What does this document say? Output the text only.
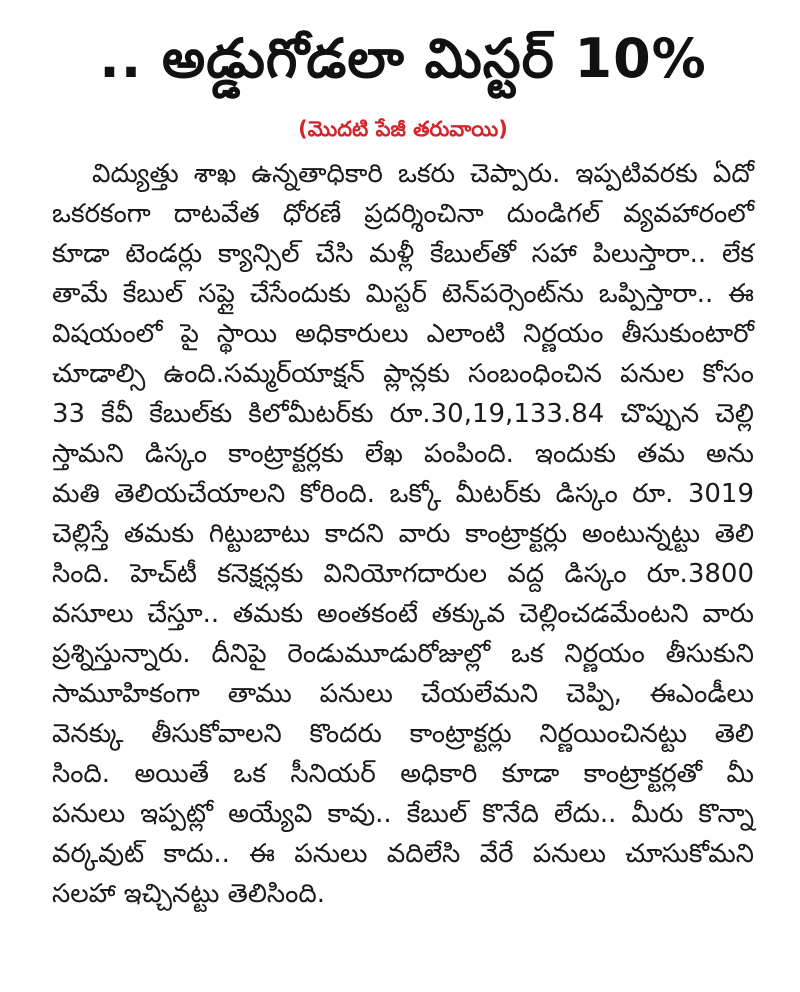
.. అడ్డుగోడలా మిస్టర్ 10%
(మొదటి పేజీ తరువాయి)
విద్యుత్తు శాఖ ఉన్నతాధికారి ఒకరు చెప్పారు. ఇప్పటివరకు ఏదో
ఒకరకంగా దాటవేత ధోరణే ప్రదర్శించినా దుండిగల్ వ్యవహారంలో
కూడా టెండర్లు క్యాన్సిల్ చేసి మళ్లీ కేబుల్‌తో సహా పిలుస్తారా.. లేక
తామే కేబుల్ సప్లై చేసేందుకు మిస్టర్ టెన్‌పర్సెంట్‌ను ఒప్పిస్తారా.. ఈ
విషయంలో పై స్థాయి అధికారులు ఎలాంటి నిర్ణయం తీసుకుంటారో
చూడాల్సి ఉంది.సమ్మర్‌యాక్షన్ ప్లాన్లకు సంబంధించిన పనుల కోసం
33 కేవీ కేబుల్‌కు కిలోమీటర్‌కు రూ.30,19,133.84 చొప్పున చెల్లి
స్తామని డిస్కం కాంట్రాక్టర్లకు లేఖ పంపింది. ఇందుకు తమ అను
మతి తెలియచేయాలని కోరింది. ఒక్కో మీటర్‌కు డిస్కం రూ. 3019
చెల్లిస్తే తమకు గిట్టుబాటు కాదని వారు కాంట్రాక్టర్లు అంటున్నట్టు తెలి
సింది. హెచ్‌టీ కనెక్షన్లకు వినియోగదారుల వద్ద డిస్కం రూ.3800
వసూలు చేస్తూ.. తమకు అంతకంటే తక్కువ చెల్లించడమేంటని వారు
ప్రశ్నిస్తున్నారు. దీనిపై రెండుమూడురోజుల్లో ఒక నిర్ణయం తీసుకుని
సామూహికంగా తాము పనులు చేయలేమని చెప్పి, ఈఎండీలు
వెనక్కు తీసుకోవాలని కొందరు కాంట్రాక్టర్లు నిర్ణయించినట్టు తెలి
సింది. అయితే ఒక సీనియర్ అధికారి కూడా కాంట్రాక్టర్లతో మీ
పనులు ఇప్పట్లో అయ్యేవి కావు.. కేబుల్ కొనేది లేదు.. మీరు కొన్నా
వర్కవుట్ కాదు.. ఈ పనులు వదిలేసి వేరే పనులు చూసుకోమని
సలహా ఇచ్చినట్టు తెలిసింది.
